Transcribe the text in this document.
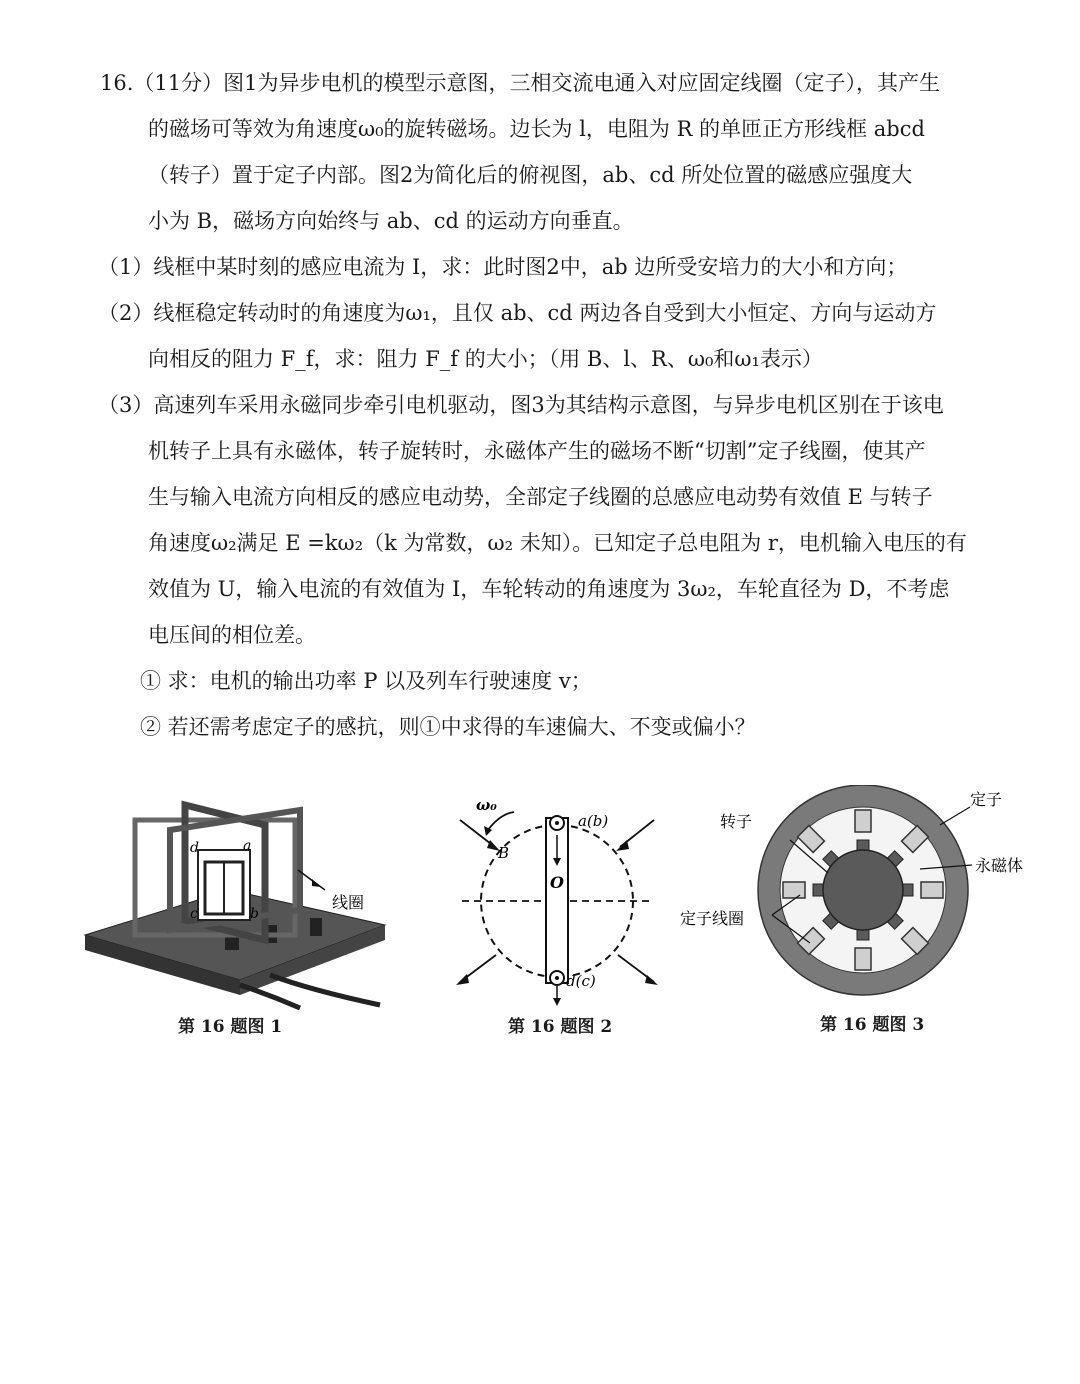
16.（11分）图1为异步电机的模型示意图，三相交流电通入对应固定线圈（定子），其产生
的磁场可等效为角速度ω₀的旋转磁场。边长为 l，电阻为 R 的单匝正方形线框 abcd
（转子）置于定子内部。图2为简化后的俯视图，ab、cd 所处位置的磁感应强度大
小为 B，磁场方向始终与 ab、cd 的运动方向垂直。
（1）线框中某时刻的感应电流为 I，求：此时图2中，ab 边所受安培力的大小和方向；
（2）线框稳定转动时的角速度为ω₁，且仅 ab、cd 两边各自受到大小恒定、方向与运动方
向相反的阻力 F_f，求：阻力 F_f 的大小；（用 B、l、R、ω₀和ω₁表示）
（3）高速列车采用永磁同步牵引电机驱动，图3为其结构示意图，与异步电机区别在于该电
机转子上具有永磁体，转子旋转时，永磁体产生的磁场不断“切割”定子线圈，使其产
生与输入电流方向相反的感应电动势，全部定子线圈的总感应电动势有效值 E 与转子
角速度ω₂满足 E =kω₂（k 为常数，ω₂ 未知）。已知定子总电阻为 r，电机输入电压的有
效值为 U，输入电流的有效值为 I，车轮转动的角速度为 3ω₂，车轮直径为 D，不考虑
电压间的相位差。
① 求：电机的输出功率 P 以及列车行驶速度 v；
② 若还需考虑定子的感抗，则①中求得的车速偏大、不变或偏小？
d	a
c	b
线圈
第 16 题图 1
O
a(b)
d(c)
ω₀
B
第 16 题图 2
转子
定子
永磁体
定子线圈
第 16 题图 3
